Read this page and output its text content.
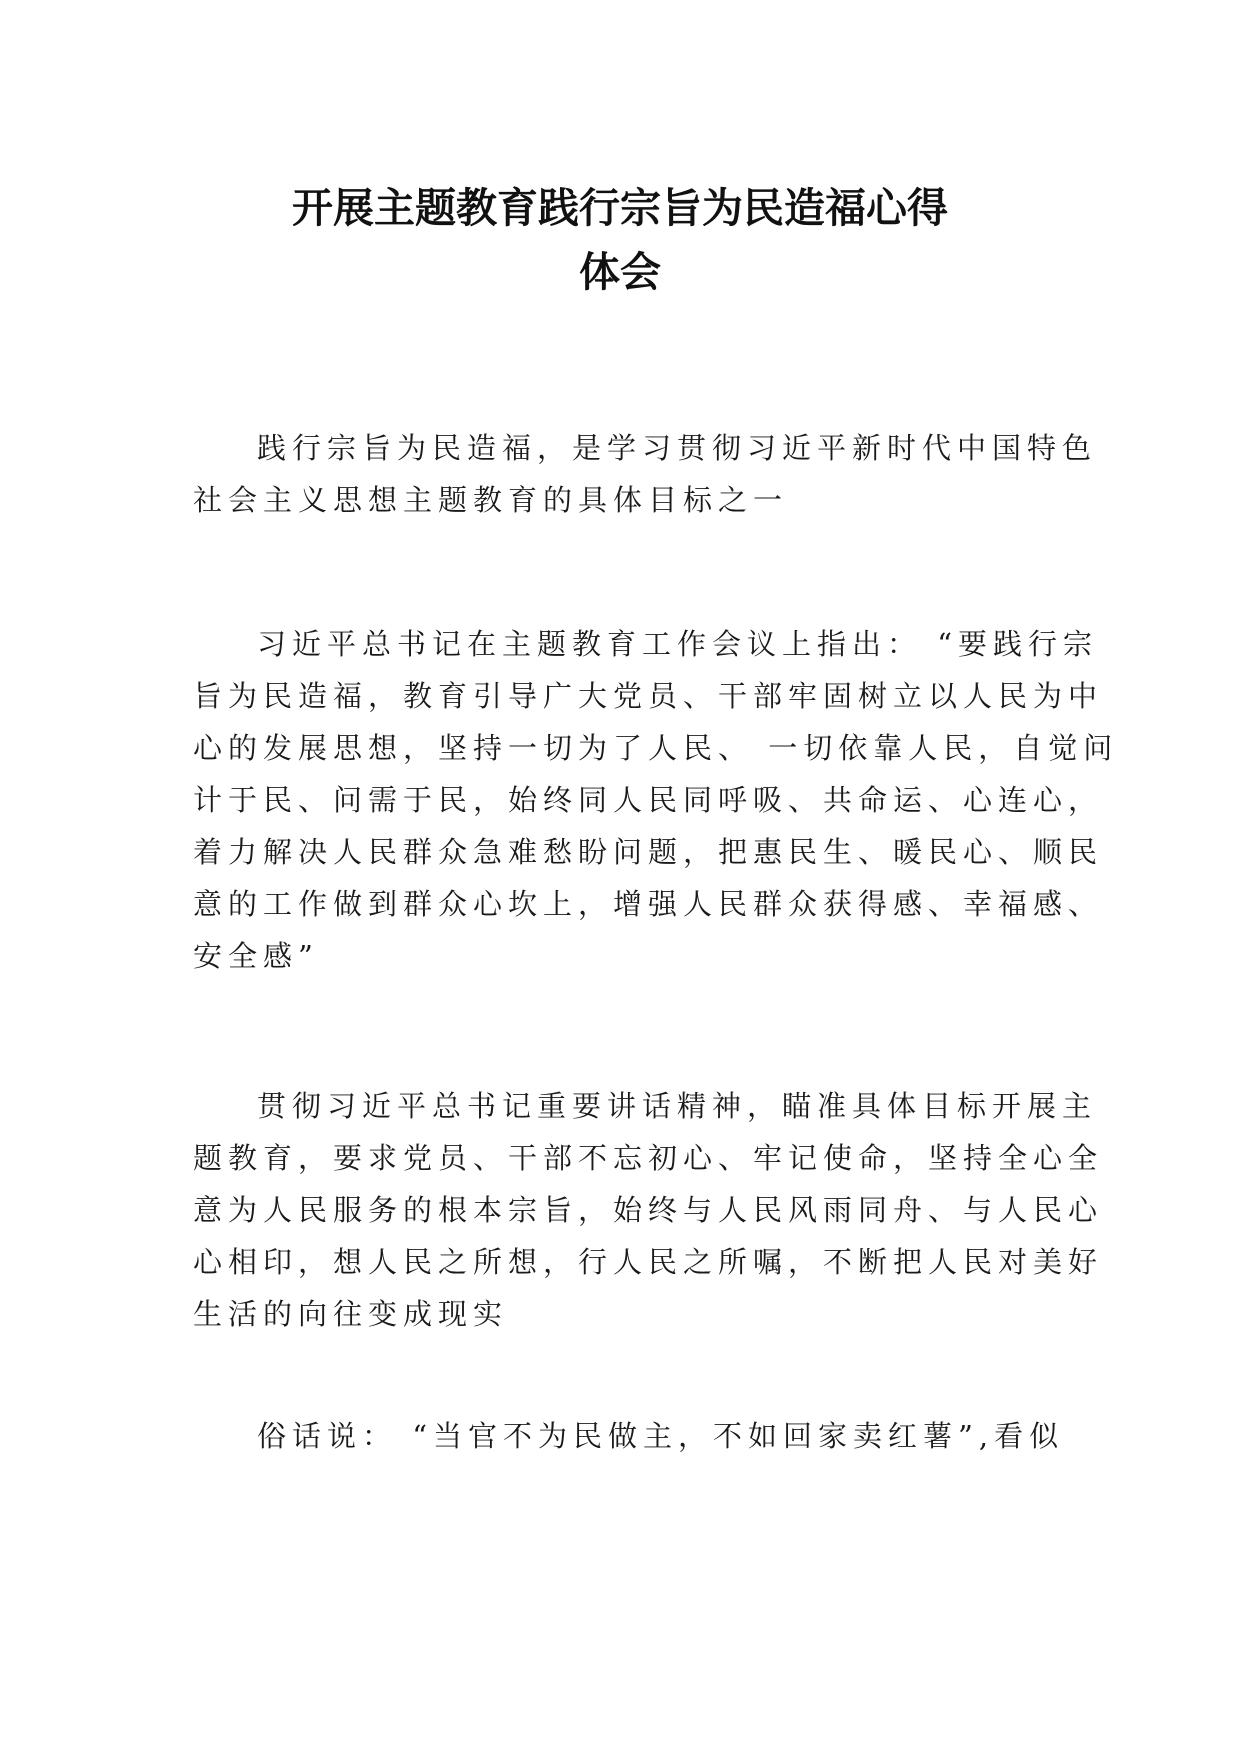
开展主题教育践行宗旨为民造福心得
体会
践行宗旨为民造福，是学习贯彻习近平新时代中国特色
社会主义思想主题教育的具体目标之一
习近平总书记在主题教育工作会议上指出： “要践行宗
旨为民造福，教育引导广大党员、干部牢固树立以人民为中
心的发展思想，坚持一切为了人民、 一切依靠人民，自觉问
计于民、问需于民，始终同人民同呼吸、共命运、心连心，
着力解决人民群众急难愁盼问题，把惠民生、暖民心、顺民
意的工作做到群众心坎上，增强人民群众获得感、幸福感、
安全感”
贯彻习近平总书记重要讲话精神，瞄准具体目标开展主
题教育，要求党员、干部不忘初心、牢记使命，坚持全心全
意为人民服务的根本宗旨，始终与人民风雨同舟、与人民心
心相印，想人民之所想，行人民之所嘱，不断把人民对美好
生活的向往变成现实
俗话说： “当官不为民做主，不如回家卖红薯”,看似
